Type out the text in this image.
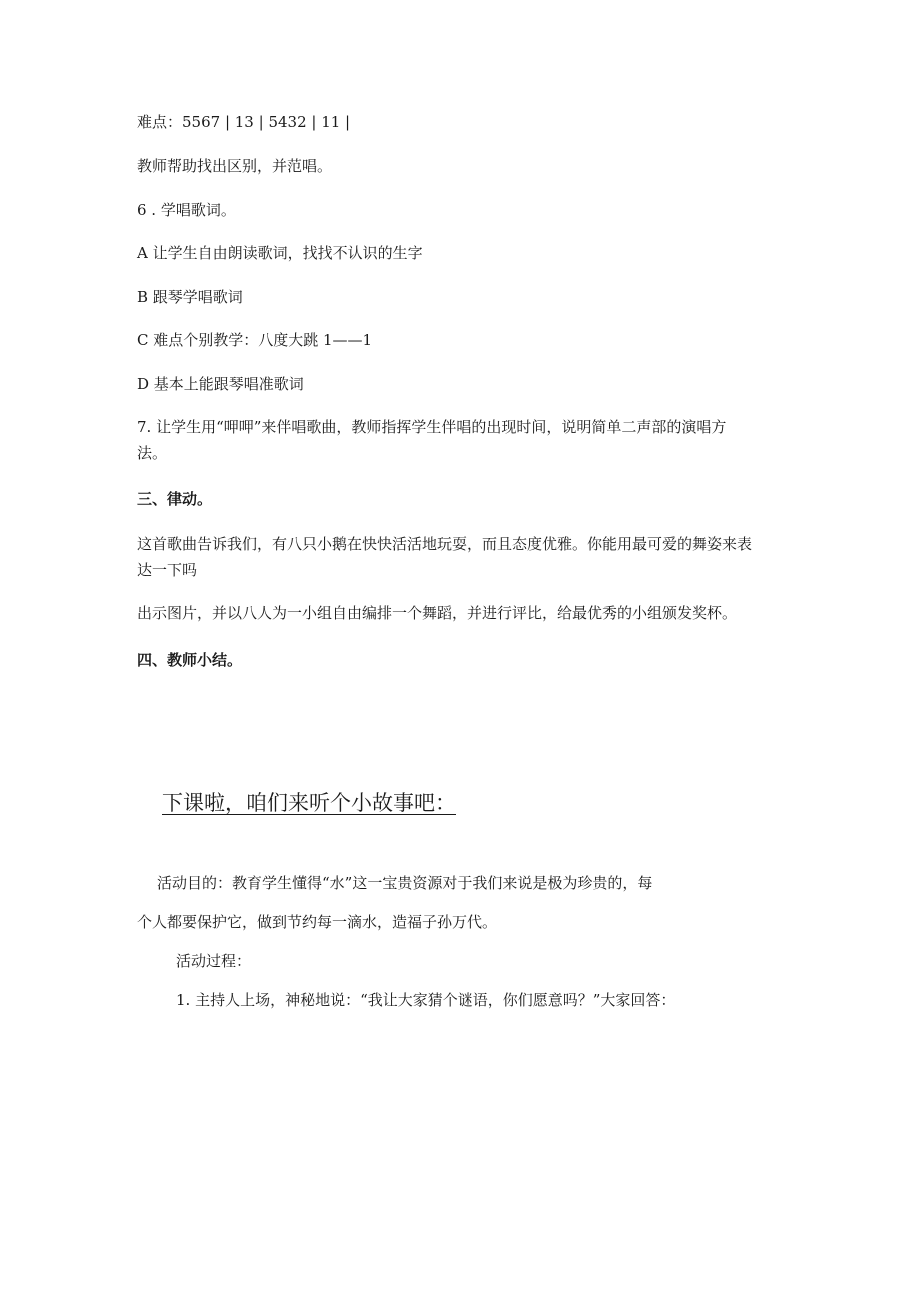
难点：5567 | 13 | 5432 | 11 |

教师帮助找出区别，并范唱。

6 . 学唱歌词。

A 让学生自由朗读歌词，找找不认识的生字

B 跟琴学唱歌词

C 难点个别教学：八度大跳 1——1

D 基本上能跟琴唱准歌词

7. 让学生用“呷呷”来伴唱歌曲，教师指挥学生伴唱的出现时间，说明简单二声部的演唱方

法。

三、律动。

这首歌曲告诉我们，有八只小鹅在快快活活地玩耍，而且态度优雅。你能用最可爱的舞姿来表

达一下吗

出示图片，并以八人为一小组自由编排一个舞蹈，并进行评比，给最优秀的小组颁发奖杯。

四、教师小结。

下课啦，咱们来听个小故事吧：

活动目的：教育学生懂得“水”这一宝贵资源对于我们来说是极为珍贵的，每

个人都要保护它，做到节约每一滴水，造福子孙万代。

活动过程：

1. 主持人上场，神秘地说：“我让大家猜个谜语，你们愿意吗？”大家回答：
